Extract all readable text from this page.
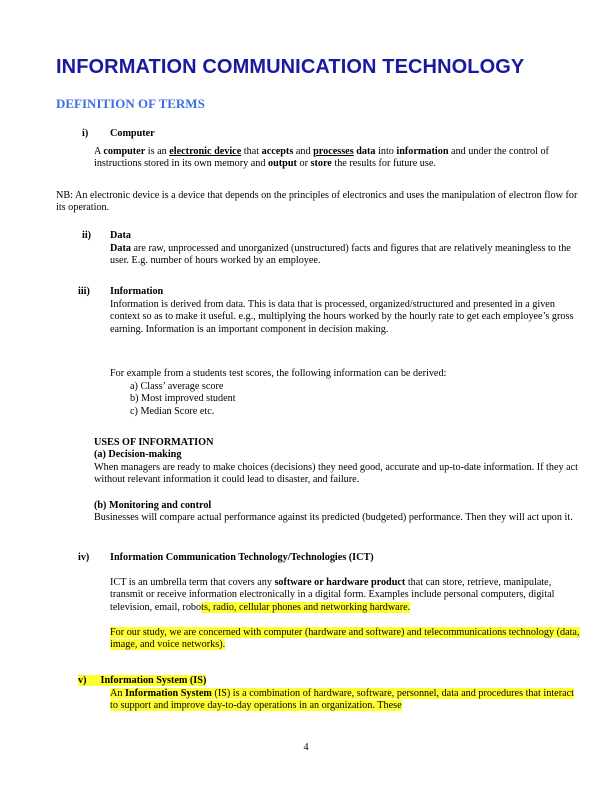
INFORMATION COMMUNICATION TECHNOLOGY
DEFINITION OF TERMS
i) Computer
A computer is an electronic device that accepts and processes data into information and under the control of instructions stored in its own memory and output or store the results for future use.
NB: An electronic device is a device that depends on the principles of electronics and uses the manipulation of electron flow for its operation.
ii) Data
Data are raw, unprocessed and unorganized (unstructured) facts and figures that are relatively meaningless to the user. E.g. number of hours worked by an employee.
iii) Information
Information is derived from data. This is data that is processed, organized/structured and presented in a given context so as to make it useful. e.g., multiplying the hours worked by the hourly rate to get each employee’s gross earning. Information is an important component in decision making.
For example from a students test scores, the following information can be derived:
a) Class’ average score
b) Most improved student
c) Median Score etc.
USES OF INFORMATION
(a) Decision-making
When managers are ready to make choices (decisions) they need good, accurate and up-to-date information. If they act without relevant information it could lead to disaster, and failure.
(b) Monitoring and control
Businesses will compare actual performance against its predicted (budgeted) performance. Then they will act upon it.
iv) Information Communication Technology/Technologies (ICT)
ICT is an umbrella term that covers any software or hardware product that can store, retrieve, manipulate, transmit or receive information electronically in a digital form. Examples include personal computers, digital television, email, robots, radio, cellular phones and networking hardware.
For our study, we are concerned with computer (hardware and software) and telecommunications technology (data, image, and voice networks).
v) Information System (IS)
An Information System (IS) is a combination of hardware, software, personnel, data and procedures that interact to support and improve day-to-day operations in an organization. These
4
